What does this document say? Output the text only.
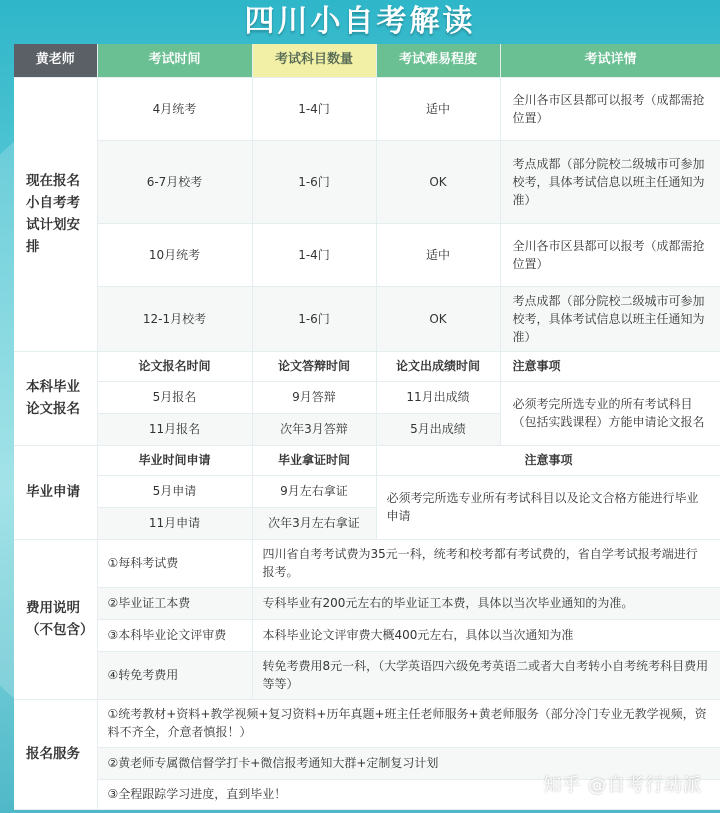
四川小自考解读
黄老师	考试时间	考试科目数量	考试难易程度	考试详情
现在报名小自考考试计划安排	4月统考	1-4门	适中	全川各市区县都可以报考（成都需抢位置）
	6-7月校考	1-6门	OK	考点成都（部分院校二级城市可参加校考，具体考试信息以班主任通知为准）
	10月统考	1-4门	适中	全川各市区县都可以报考（成都需抢位置）
	12-1月校考	1-6门	OK	考点成都（部分院校二级城市可参加校考，具体考试信息以班主任通知为准）
本科毕业论文报名	论文报名时间	论文答辩时间	论文出成绩时间	注意事项
	5月报名	9月答辩	11月出成绩	必须考完所选专业的所有考试科目（包括实践课程）方能申请论文报名
	11月报名	次年3月答辩	5月出成绩	
毕业申请	毕业时间申请	毕业拿证时间	注意事项	
	5月申请	9月左右拿证	必须考完所选专业所有考试科目以及论文合格方能进行毕业申请	
	11月申请	次年3月左右拿证		
费用说明（不包含）	①每科考试费	四川省自考考试费为35元一科，统考和校考都有考试费的，省自学考试报考端进行报考。		
	②毕业证工本费	专科毕业有200元左右的毕业证工本费，具体以当次毕业通知的为准。		
	③本科毕业论文评审费	本科毕业论文评审费大概400元左右，具体以当次通知为准		
	④转免考费用	转免考费用8元一科，（大学英语四六级免考英语二或者大自考转小自考统考科目费用等等）		
报名服务	①统考教材+资料+教学视频+复习资料+历年真题+班主任老师服务+黄老师服务（部分冷门专业无教学视频，资料不齐全，介意者慎报！）			
	②黄老师专属微信督学打卡+微信报考通知大群+定制复习计划			
	③全程跟踪学习进度，直到毕业！				知乎 @自考行动派
